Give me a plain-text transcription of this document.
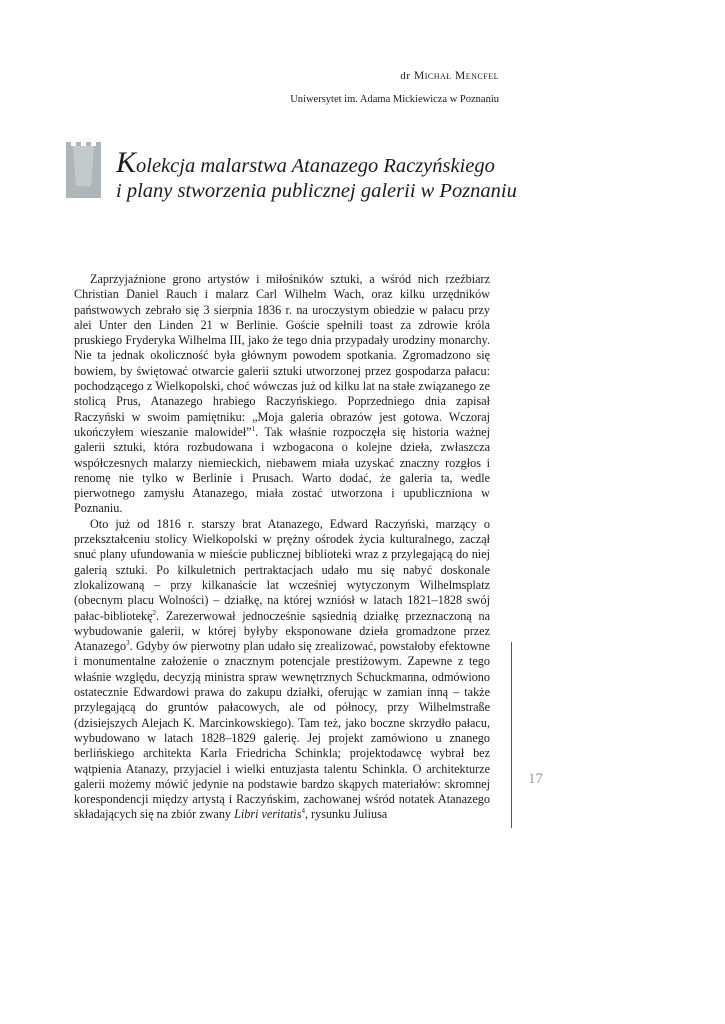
dr Michał Mencfel
Uniwersytet im. Adama Mickiewicza w Poznaniu
Kolekcja malarstwa Atanazego Raczyńskiego
i plany stworzenia publicznej galerii w Poznaniu

Zaprzyjaźnione grono artystów i miłośników sztuki, a wśród nich rzeźbiarz Christian Daniel Rauch i malarz Carl Wilhelm Wach, oraz kilku urzędników państwowych zebrało się 3 sierpnia 1836 r. na uroczystym obiedzie w pałacu przy alei Unter den Linden 21 w Berlinie. Goście spełnili toast za zdrowie króla pruskiego Fryderyka Wilhelma III, jako że tego dnia przypadały urodziny monarchy. Nie ta jednak okoliczność była głównym powodem spotkania. Zgromadzono się bowiem, by świętować otwarcie galerii sztuki utworzonej przez gospodarza pałacu: pochodzącego z Wielkopolski, choć wówczas już od kilku lat na stałe związanego ze stolicą Prus, Atanazego hrabiego Raczyńskiego. Poprzedniego dnia zapisał Raczyński w swoim pamiętniku: „Moja galeria obrazów jest gotowa. Wczoraj ukończyłem wieszanie malowideł”$^1$. Tak właśnie rozpoczęła się historia ważnej galerii sztuki, która rozbudowana i wzbogacona o kolejne dzieła, zwłaszcza współczesnych malarzy niemieckich, niebawem miała uzyskać znaczny rozgłos i renomę nie tylko w Berlinie i Prusach. Warto dodać, że galeria ta, wedle pierwotnego zamysłu Atanazego, miała zostać utworzona i upubliczniona w Poznaniu.

Oto już od 1816 r. starszy brat Atanazego, Edward Raczyński, marzący o przekształceniu stolicy Wielkopolski w prężny ośrodek życia kulturalnego, zaczął snuć plany ufundowania w mieście publicznej biblioteki wraz z przylegającą do niej galerią sztuki. Po kilkuletnich pertraktacjach udało mu się nabyć doskonale zlokalizowaną – przy kilkanaście lat wcześniej wytyczonym Wilhelmsplatz (obecnym placu Wolności) – działkę, na której wzniósł w latach 1821–1828 swój pałac-bibliotekę$^2$. Zarezerwował jednocześnie sąsiednią działkę przeznaczoną na wybudowanie galerii, w której byłyby eksponowane dzieła gromadzone przez Atanazego$^3$. Gdyby ów pierwotny plan udało się zrealizować, powstałoby efektowne i monumentalne założenie o znacznym potencjale prestiżowym. Zapewne z tego właśnie względu, decyzją ministra spraw wewnętrznych Schuckmanna, odmówiono ostatecznie Edwardowi prawa do zakupu działki, oferując w zamian inną – także przylegającą do gruntów pałacowych, ale od północy, przy Wilhelmstraße (dzisiejszych Alejach K. Marcinkowskiego). Tam też, jako boczne skrzydło pałacu, wybudowano w latach 1828–1829 galerię. Jej projekt zamówiono u znanego berlińskiego architekta Karla Friedricha Schinkla; projektodawcę wybrał bez wątpienia Atanazy, przyjaciel i wielki entuzjasta talentu Schinkla. O architekturze galerii możemy mówić jedynie na podstawie bardzo skąpych materiałów: skromnej korespondencji między artystą i Raczyńskim, zachowanej wśród notatek Atanazego składających się na zbiór zwany Libri veritatis$^4$, rysunku Juliusa

17
